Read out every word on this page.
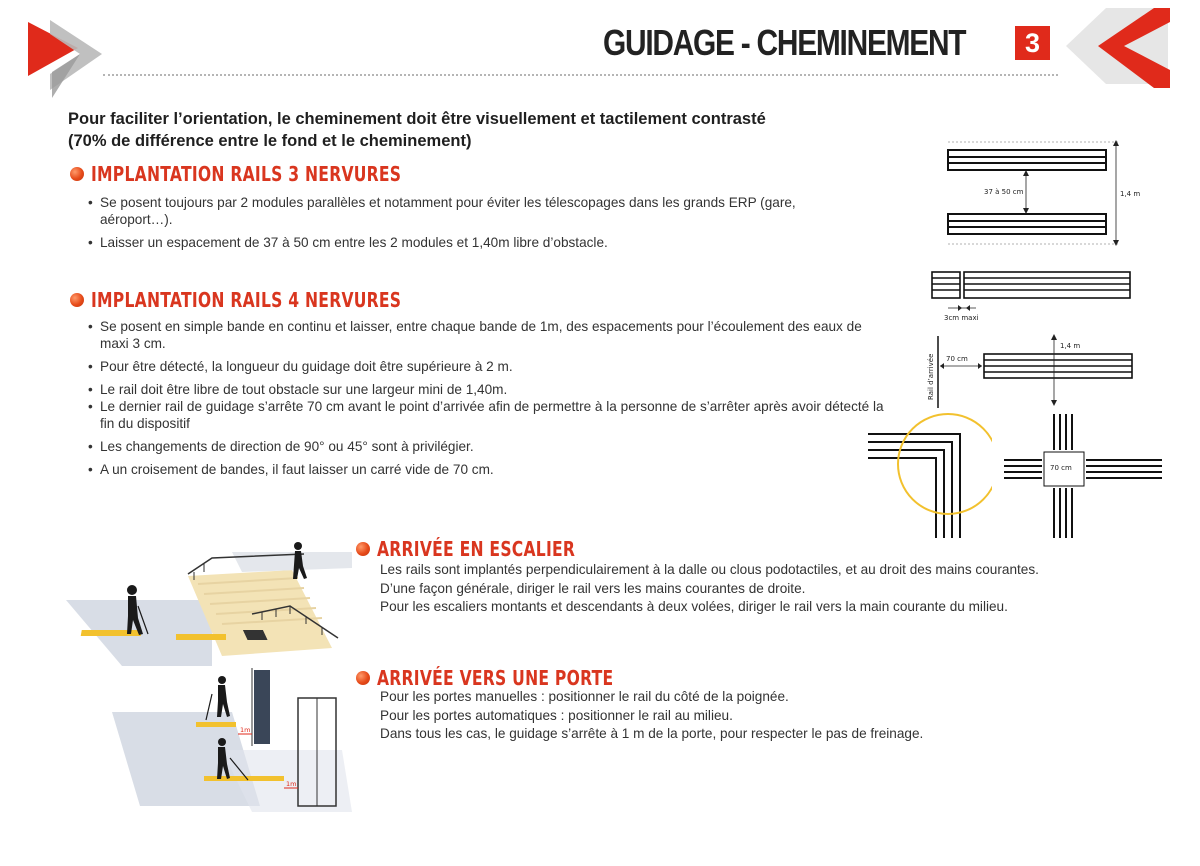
GUIDAGE - CHEMINEMENT	3
Pour faciliter l’orientation, le cheminement doit être visuellement et tactilement contrasté
(70% de différence entre le fond et le cheminement)
IMPLANTATION RAILS 3 NERVURES
• Se posent toujours par 2 modules parallèles et notamment pour éviter les télescopages dans les grands ERP (gare, aéroport…).
• Laisser un espacement de 37 à 50 cm entre les 2 modules et 1,40m libre d’obstacle.
IMPLANTATION RAILS 4 NERVURES
• Se posent en simple bande en continu et laisser, entre chaque bande de 1m, des espacements pour l’écoulement des eaux de maxi 3 cm.
• Pour être détecté, la longueur du guidage doit être supérieure à 2 m.
• Le rail doit être libre de tout obstacle sur une largeur mini de 1,40m.
• Le dernier rail de guidage s’arrête 70 cm avant le point d’arrivée afin de permettre à la personne de s’arrêter après avoir détecté la fin du dispositif
• Les changements de direction de 90° ou 45° sont à privilégier.
• A un croisement de bandes, il faut laisser un carré vide de 70 cm.
37 à 50 cm	1,4 m
3cm maxi
Rail d’arrivée 70 cm
1,4 m
70 cm
1m
1m
ARRIVÉE EN ESCALIER
Les rails sont implantés perpendiculairement à la dalle ou clous podotactiles, et au droit des mains courantes.
D’une façon générale, diriger le rail vers les mains courantes de droite.
Pour les escaliers montants et descendants à deux volées, diriger le rail vers la main courante du milieu.
ARRIVÉE VERS UNE PORTE
Pour les portes manuelles : positionner le rail du côté de la poignée.
Pour les portes automatiques : positionner le rail au milieu.
Dans tous les cas, le guidage s’arrête à 1 m de la porte, pour respecter le pas de freinage.
